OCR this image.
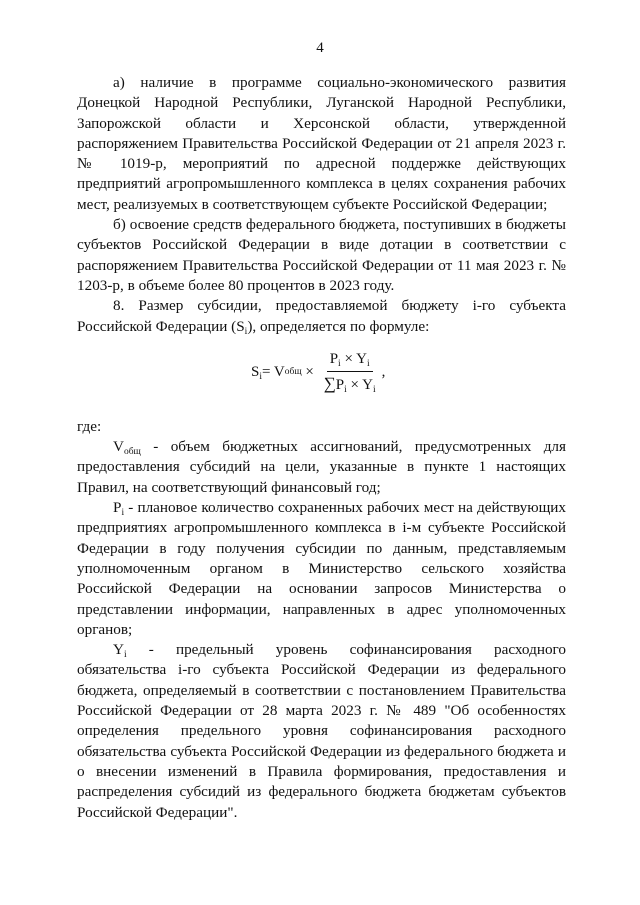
4

а) наличие в программе социально-экономического развития Донецкой Народной Республики, Луганской Народной Республики, Запорожской области и Херсонской области, утвержденной распоряжением Правительства Российской Федерации от 21 апреля 2023 г. № 1019-р, мероприятий по адресной поддержке действующих предприятий агропромышленного комплекса в целях сохранения рабочих мест, реализуемых в соответствующем субъекте Российской Федерации;

б) освоение средств федерального бюджета, поступивших в бюджеты субъектов Российской Федерации в виде дотации в соответствии с распоряжением Правительства Российской Федерации от 11 мая 2023 г. № 1203-р, в объеме более 80 процентов в 2023 году.

8. Размер субсидии, предоставляемой бюджету i-го субъекта Российской Федерации $(S_i)$, определяется по формуле:

$S_i = V$ общ × $\frac{P_i \times Y_i}{\sum P_i \times Y_i}$ ,

где:

$V_{общ}$ - объем бюджетных ассигнований, предусмотренных для предоставления субсидий на цели, указанные в пункте 1 настоящих Правил, на соответствующий финансовый год;

$P_i$ - плановое количество сохраненных рабочих мест на действующих предприятиях агропромышленного комплекса в i-м субъекте Российской Федерации в году получения субсидии по данным, представляемым уполномоченным органом в Министерство сельского хозяйства Российской Федерации на основании запросов Министерства о представлении информации, направленных в адрес уполномоченных органов;

$Y_i$ - предельный уровень софинансирования расходного обязательства i-го субъекта Российской Федерации из федерального бюджета, определяемый в соответствии с постановлением Правительства Российской Федерации от 28 марта 2023 г. № 489 "Об особенностях определения предельного уровня софинансирования расходного обязательства субъекта Российской Федерации из федерального бюджета и о внесении изменений в Правила формирования, предоставления и распределения субсидий из федерального бюджета бюджетам субъектов Российской Федерации".
